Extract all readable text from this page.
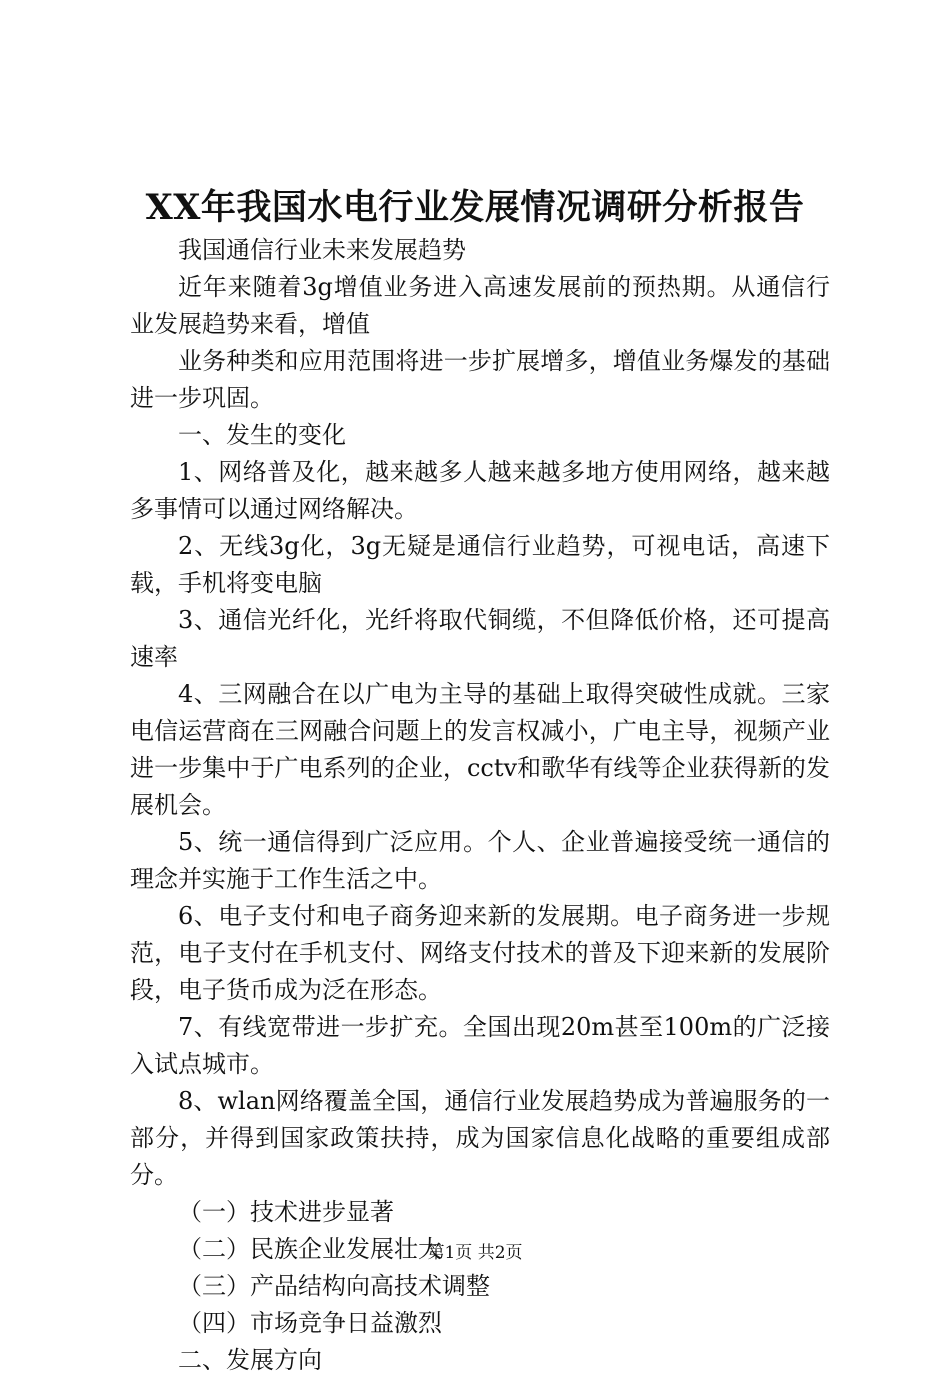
XX年我国水电行业发展情况调研分析报告

我国通信行业未来发展趋势

近年来随着3g增值业务进入高速发展前的预热期。从通信行业发展趋势来看，增值

业务种类和应用范围将进一步扩展增多，增值业务爆发的基础进一步巩固。

一、发生的变化

1、网络普及化，越来越多人越来越多地方使用网络，越来越多事情可以通过网络解决。

2、无线3g化，3g无疑是通信行业趋势，可视电话，高速下载，手机将变电脑

3、通信光纤化，光纤将取代铜缆，不但降低价格，还可提高速率

4、三网融合在以广电为主导的基础上取得突破性成就。三家电信运营商在三网融合问题上的发言权减小，广电主导，视频产业进一步集中于广电系列的企业，cctv和歌华有线等企业获得新的发展机会。

5、统一通信得到广泛应用。个人、企业普遍接受统一通信的理念并实施于工作生活之中。

6、电子支付和电子商务迎来新的发展期。电子商务进一步规范，电子支付在手机支付、网络支付技术的普及下迎来新的发展阶段，电子货币成为泛在形态。

7、有线宽带进一步扩充。全国出现20m甚至100m的广泛接入试点城市。

8、wlan网络覆盖全国，通信行业发展趋势成为普遍服务的一部分，并得到国家政策扶持，成为国家信息化战略的重要组成部分。

（一）技术进步显著

（二）民族企业发展壮大

（三）产品结构向高技术调整

（四）市场竞争日益激烈

二、发展方向

第1页 共2页
